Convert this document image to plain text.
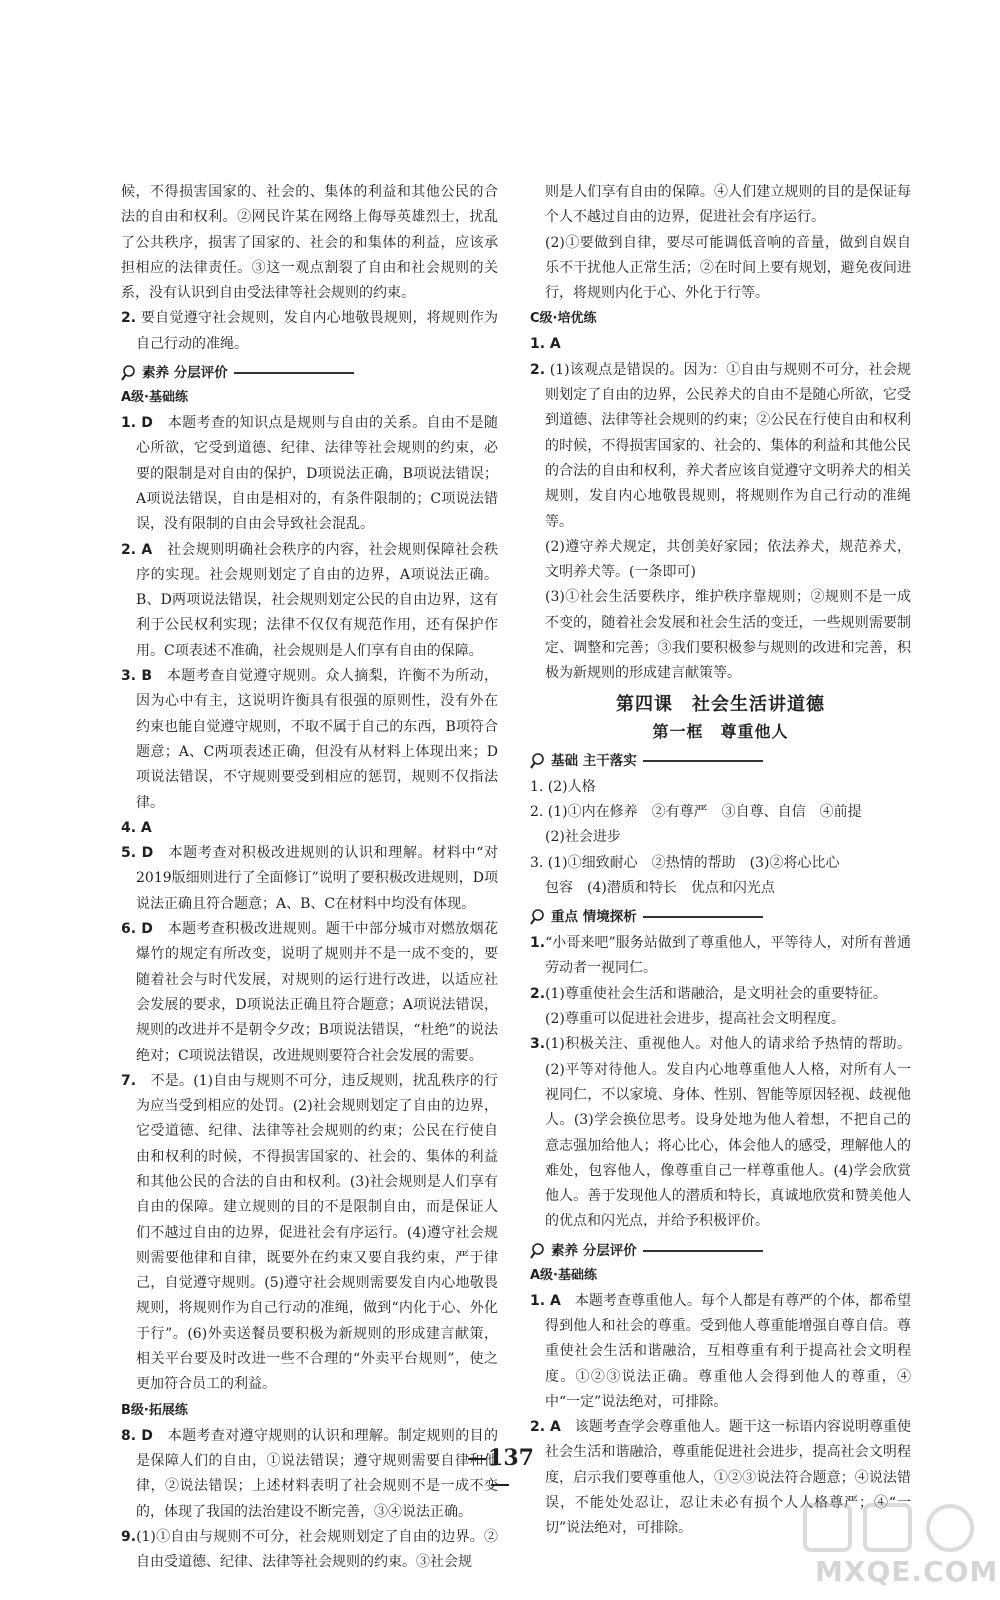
候，不得损害国家的、社会的、集体的利益和其他公民的合法的自由和权利。②网民许某在网络上侮辱英雄烈士，扰乱了公共秩序，损害了国家的、社会的和集体的利益，应该承担相应的法律责任。③这一观点割裂了自由和社会规则的关系，没有认识到自由受法律等社会规则的约束。

2. 要自觉遵守社会规则，发自内心地敬畏规则，将规则作为自己行动的准绳。

素养 分层评价
A级·基础练

1. D　 本题考查的知识点是规则与自由的关系。自由不是随心所欲，它受到道德、纪律、法律等社会规则的约束，必要的限制是对自由的保护，D项说法正确，B项说法错误；A项说法错误，自由是相对的，有条件限制的；C项说法错误，没有限制的自由会导致社会混乱。

2. A　 社会规则明确社会秩序的内容，社会规则保障社会秩序的实现。社会规则划定了自由的边界，A项说法正确。B、D两项说法错误，社会规则划定公民的自由边界，这有利于公民权利实现；法律不仅仅有规范作用，还有保护作用。C项表述不准确，社会规则是人们享有自由的保障。

3. B　 本题考查自觉遵守规则。众人摘梨，许衡不为所动，因为心中有主，这说明许衡具有很强的原则性，没有外在约束也能自觉遵守规则，不取不属于自己的东西，B项符合题意；A、C两项表述正确，但没有从材料上体现出来；D项说法错误，不守规则要受到相应的惩罚，规则不仅指法律。

4. A

5. D　 本题考查对积极改进规则的认识和理解。材料中“对2019版细则进行了全面修订”说明了要积极改进规则，D项说法正确且符合题意；A、B、C在材料中均没有体现。

6. D　 本题考查积极改进规则。题干中部分城市对燃放烟花爆竹的规定有所改变，说明了规则并不是一成不变的，要随着社会与时代发展，对规则的运行进行改进，以适应社会发展的要求，D项说法正确且符合题意；A项说法错误，规则的改进并不是朝令夕改；B项说法错误，“杜绝”的说法绝对；C项说法错误，改进规则要符合社会发展的需要。

7.　 不是。(1)自由与规则不可分，违反规则，扰乱秩序的行为应当受到相应的处罚。(2)社会规则划定了自由的边界，它受道德、纪律、法律等社会规则的约束；公民在行使自由和权利的时候，不得损害国家的、社会的、集体的利益和其他公民的合法的自由和权利。(3)社会规则是人们享有自由的保障。建立规则的目的不是限制自由，而是保证人们不越过自由的边界，促进社会有序运行。(4)遵守社会规则需要他律和自律，既要外在约束又要自我约束，严于律己，自觉遵守规则。(5)遵守社会规则需要发自内心地敬畏规则，将规则作为自己行动的准绳，做到“内化于心、外化于行”。(6)外卖送餐员要积极为新规则的形成建言献策，相关平台要及时改进一些不合理的“外卖平台规则”，使之更加符合员工的利益。

B级·拓展练

8. D　 本题考查对遵守规则的认识和理解。制定规则的目的是保障人们的自由，①说法错误；遵守规则需要自律和他律，②说法错误；上述材料表明了社会规则不是一成不变的，体现了我国的法治建设不断完善，③④说法正确。

9.(1)①自由与规则不可分，社会规则划定了自由的边界。②自由受道德、纪律、法律等社会规则的约束。③社会规

则是人们享有自由的保障。④人们建立规则的目的是保证每个人不越过自由的边界，促进社会有序运行。

(2)①要做到自律，要尽可能调低音响的音量，做到自娱自乐不干扰他人正常生活；②在时间上要有规划，避免夜间进行，将规则内化于心、外化于行等。

C级·培优练

1. A

2. (1)该观点是错误的。因为：①自由与规则不可分，社会规则划定了自由的边界，公民养犬的自由不是随心所欲，它受到道德、法律等社会规则的约束；②公民在行使自由和权利的时候，不得损害国家的、社会的、集体的利益和其他公民的合法的自由和权利，养犬者应该自觉遵守文明养犬的相关规则，发自内心地敬畏规则，将规则作为自己行动的准绳等。

(2)遵守养犬规定，共创美好家园；依法养犬，规范养犬，文明养犬等。(一条即可)

(3)①社会生活要秩序，维护秩序靠规则；②规则不是一成不变的，随着社会发展和社会生活的变迁，一些规则需要制定、调整和完善；③我们要积极参与规则的改进和完善，积极为新规则的形成建言献策等。

第四课　社会生活讲道德
第一框　尊重他人
基础 主干落实

1. (2)人格

2. (1)①内在修养　②有尊严　③自尊、自信　④前提

(2)社会进步

3. (1)①细致耐心　②热情的帮助　(3)②将心比心

包容　(4)潜质和特长　优点和闪光点

重点 情境探析

1.“小哥来吧”服务站做到了尊重他人，平等待人，对所有普通劳动者一视同仁。

2.(1)尊重使社会生活和谐融洽，是文明社会的重要特征。

(2)尊重可以促进社会进步，提高社会文明程度。

3.(1)积极关注、重视他人。对他人的请求给予热情的帮助。(2)平等对待他人。发自内心地尊重他人人格，对所有人一视同仁，不以家境、身体、性别、智能等原因轻视、歧视他人。(3)学会换位思考。设身处地为他人着想，不把自己的意志强加给他人；将心比心，体会他人的感受，理解他人的难处，包容他人，像尊重自己一样尊重他人。(4)学会欣赏他人。善于发现他人的潜质和特长，真诚地欣赏和赞美他人的优点和闪光点，并给予积极评价。

素养 分层评价
A级·基础练

1. A　 本题考查尊重他人。每个人都是有尊严的个体，都希望得到他人和社会的尊重。受到他人尊重能增强自尊自信。尊重使社会生活和谐融洽，互相尊重有利于提高社会文明程度。①②③说法正确。尊重他人会得到他人的尊重，④中“一定”说法绝对，可排除。

2. A　 该题考查学会尊重他人。题干这一标语内容说明尊重使社会生活和谐融洽，尊重能促进社会进步，提高社会文明程度，启示我们要尊重他人，①②③说法符合题意；④说法错误，不能处处忍让，忍让未必有损个人人格尊严；④“一切”说法绝对，可排除。

137
MXQE.COM
